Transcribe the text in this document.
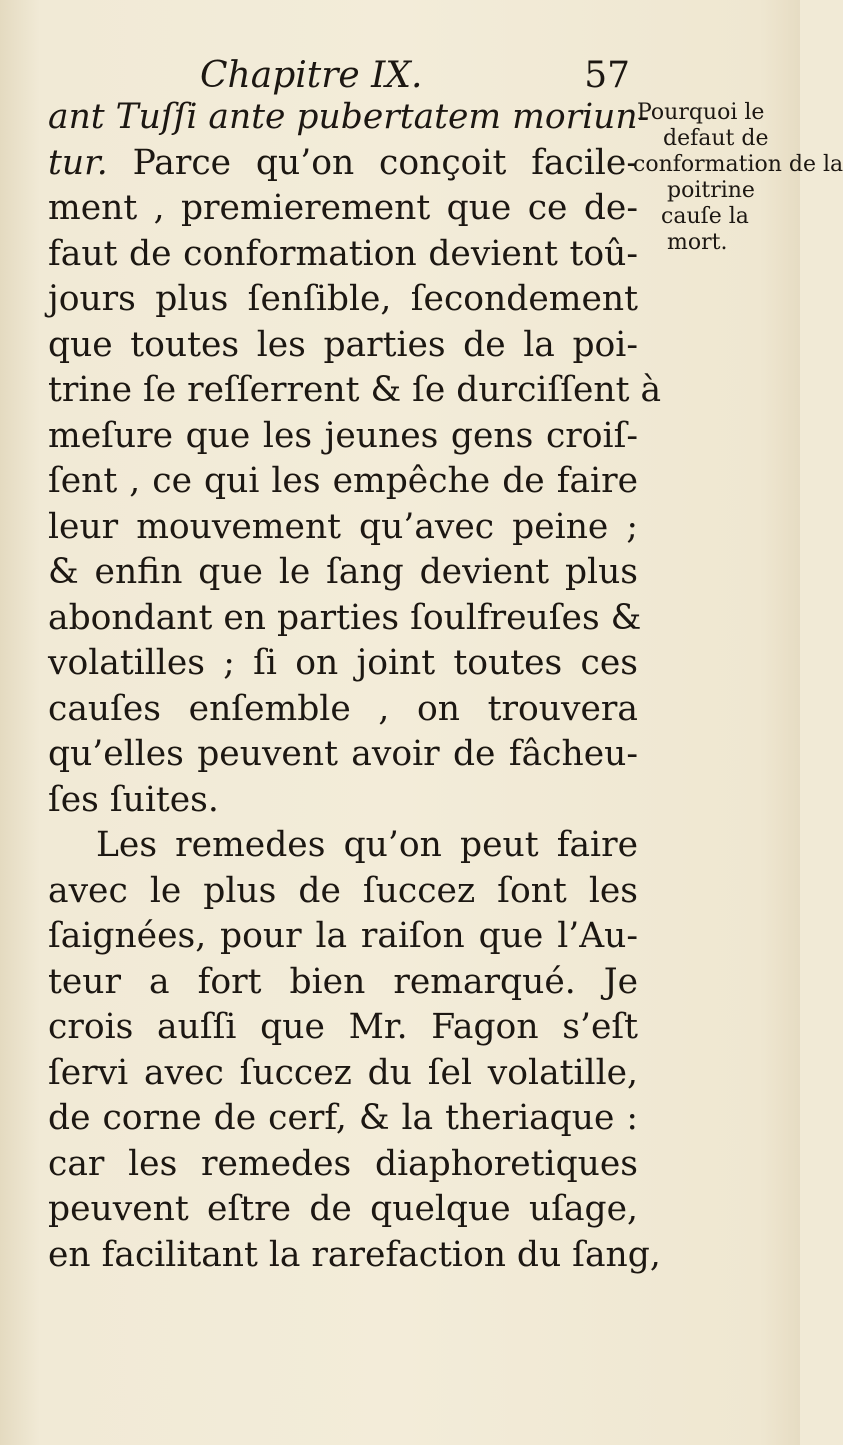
Chapitre IX.	57
ant Tuſſi ante pubertatem moriun-
tur. Parce qu’on conçoit facile-
ment , premierement que ce de-
faut de conformation devient toû-
jours plus ſenſible, ſecondement
que toutes les parties de la poi-
trine ſe reſſerrent & ſe durciſſent à
meſure que les jeunes gens croiſ-
ſent , ce qui les empêche de faire
leur mouvement qu’avec peine ;
& enfin que le ſang devient plus
abondant en parties ſoulfreuſes &
volatilles ; ſi on joint toutes ces
cauſes enſemble , on trouvera
qu’elles peuvent avoir de fâcheu-
ſes ſuites.
Les remedes qu’on peut faire
avec le plus de ſuccez ſont les
ſaignées, pour la raiſon que l’Au-
teur a fort bien remarqué. Je
crois auſſi que Mr. Fagon s’eſt
ſervi avec ſuccez du ſel volatille,
de corne de cerf, & la theriaque :
car les remedes diaphoretiques
peuvent eſtre de quelque uſage,
en facilitant la rarefaction du ſang,
Pourquoi le
defaut de
conformation de la
poitrine
cauſe la
mort.
